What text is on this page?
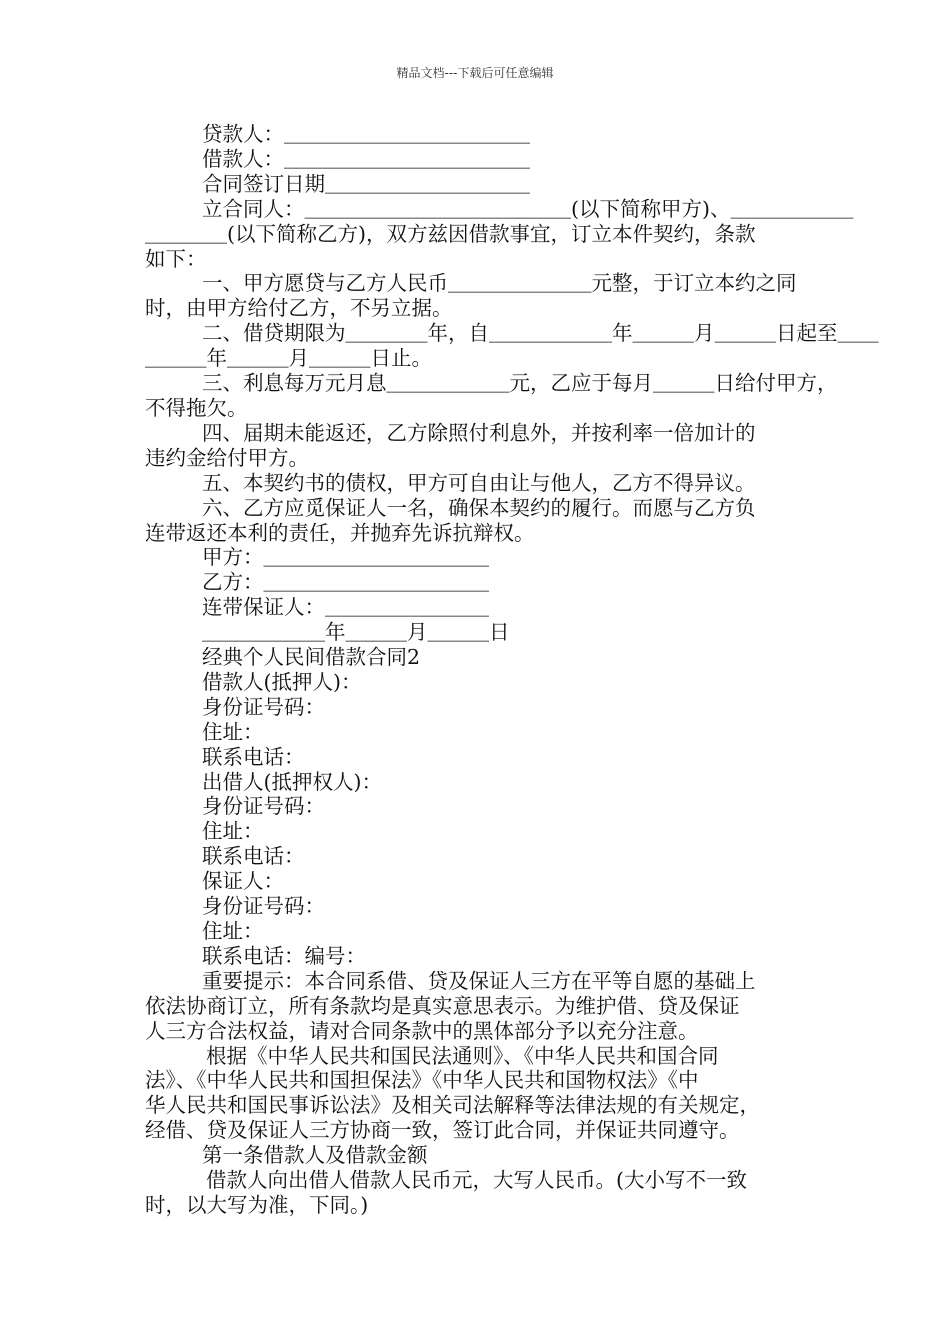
精品文档---下载后可任意编辑

贷款人：＿＿＿＿＿＿＿＿＿＿＿＿

借款人：＿＿＿＿＿＿＿＿＿＿＿＿

合同签订日期＿＿＿＿＿＿＿＿＿＿

立合同人：＿＿＿＿＿＿＿＿＿＿＿＿＿(以下简称甲方)、＿＿＿＿＿＿

＿＿＿＿(以下简称乙方)，双方兹因借款事宜，订立本件契约，条款

如下：

一、甲方愿贷与乙方人民币＿＿＿＿＿＿＿元整，于订立本约之同

时，由甲方给付乙方，不另立据。

二、借贷期限为＿＿＿＿年，自＿＿＿＿＿＿年＿＿＿月＿＿＿日起至＿＿

＿＿＿年＿＿＿月＿＿＿日止。

三、利息每万元月息＿＿＿＿＿＿元，乙应于每月＿＿＿日给付甲方，

不得拖欠。

四、届期未能返还，乙方除照付利息外，并按利率一倍加计的

违约金给付甲方。

五、本契约书的债权，甲方可自由让与他人，乙方不得异议。

六、乙方应觅保证人一名，确保本契约的履行。而愿与乙方负

连带返还本利的责任，并抛弃先诉抗辩权。

甲方：＿＿＿＿＿＿＿＿＿＿＿

乙方：＿＿＿＿＿＿＿＿＿＿＿

连带保证人：＿＿＿＿＿＿＿＿

＿＿＿＿＿＿年＿＿＿月＿＿＿日

经典个人民间借款合同2

借款人(抵押人)：

身份证号码：

住址：

联系电话：

出借人(抵押权人)：

身份证号码：

住址：

联系电话：

保证人：

身份证号码：

住址：

联系电话：编号：

重要提示：本合同系借、贷及保证人三方在平等自愿的基础上

依法协商订立，所有条款均是真实意思表示。为维护借、贷及保证

人三方合法权益，请对合同条款中的黑体部分予以充分注意。

根据《中华人民共和国民法通则》、《中华人民共和国合同

法》、《中华人民共和国担保法》《中华人民共和国物权法》《中

华人民共和国民事诉讼法》及相关司法解释等法律法规的有关规定，

经借、贷及保证人三方协商一致，签订此合同，并保证共同遵守。

第一条借款人及借款金额

借款人向出借人借款人民币元，大写人民币。(大小写不一致

时，以大写为准，下同。)
